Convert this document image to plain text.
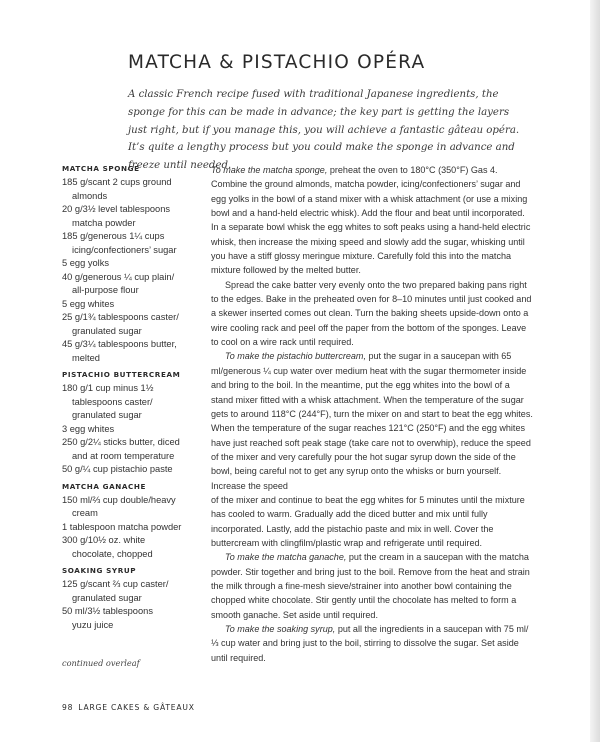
MATCHA & PISTACHIO OPÉRA

A classic French recipe fused with traditional Japanese ingredients, the sponge for this can be made in advance; the key part is getting the layers just right, but if you manage this, you will achieve a fantastic gâteau opéra. It’s quite a lengthy process but you could make the sponge in advance and freeze until needed.

MATCHA SPONGE
185 g/scant 2 cups ground
almonds
20 g/3½ level tablespoons
matcha powder
185 g/generous 1¼ cups
icing/confectioners’ sugar
5 egg yolks
40 g/generous ¼ cup plain/
all-purpose flour
5 egg whites
25 g/1¾ tablespoons caster/
granulated sugar
45 g/3¼ tablespoons butter,
melted
PISTACHIO BUTTERCREAM
180 g/1 cup minus 1½
tablespoons caster/
granulated sugar
3 egg whites
250 g/2¼ sticks butter, diced
and at room temperature
50 g/¼ cup pistachio paste
MATCHA GANACHE
150 ml/⅔ cup double/heavy
cream
1 tablespoon matcha powder
300 g/10½ oz. white
chocolate, chopped
SOAKING SYRUP
125 g/scant ⅔ cup caster/
granulated sugar
50 ml/3½ tablespoons
yuzu juice
continued overleaf

To make the matcha sponge, preheat the oven to 180°C (350°F) Gas 4. Combine the ground almonds, matcha powder, icing/confectioners’ sugar and egg yolks in the bowl of a stand mixer with a whisk attachment (or use a mixing bowl and a hand-held electric whisk). Add the flour and beat until incorporated. In a separate bowl whisk the egg whites to soft peaks using a hand-held electric whisk, then increase the mixing speed and slowly add the sugar, whisking until you have a stiff glossy meringue mixture. Carefully fold this into the matcha mixture followed by the melted butter.

Spread the cake batter very evenly onto the two prepared baking pans right to the edges. Bake in the preheated oven for 8–10 minutes until just cooked and a skewer inserted comes out clean. Turn the baking sheets upside-down onto a wire cooling rack and peel off the paper from the bottom of the sponges. Leave to cool on a wire rack until required.

To make the pistachio buttercream, put the sugar in a saucepan with 65 ml/generous ¼ cup water over medium heat with the sugar thermometer inside and bring to the boil. In the meantime, put the egg whites into the bowl of a stand mixer fitted with a whisk attachment. When the temperature of the sugar gets to around 118°C (244°F), turn the mixer on and start to beat the egg whites. When the temperature of the sugar reaches 121°C (250°F) and the egg whites have just reached soft peak stage (take care not to overwhip), reduce the speed of the mixer and very carefully pour the hot sugar syrup down the side of the bowl, being careful not to get any syrup onto the whisks or burn yourself. Increase the speed

of the mixer and continue to beat the egg whites for 5 minutes until the mixture has cooled to warm. Gradually add the diced butter and mix until fully incorporated. Lastly, add the pistachio paste and mix in well. Cover the buttercream with clingfilm/plastic wrap and refrigerate until required.

To make the matcha ganache, put the cream in a saucepan with the matcha powder. Stir together and bring just to the boil. Remove from the heat and strain the milk through a fine-mesh sieve/strainer into another bowl containing the chopped white chocolate. Stir gently until the chocolate has melted to form a smooth ganache. Set aside until required.

To make the soaking syrup, put all the ingredients in a saucepan with 75 ml/⅓ cup water and bring just to the boil, stirring to dissolve the sugar. Set aside until required.

98 LARGE CAKES & GÂTEAUX
